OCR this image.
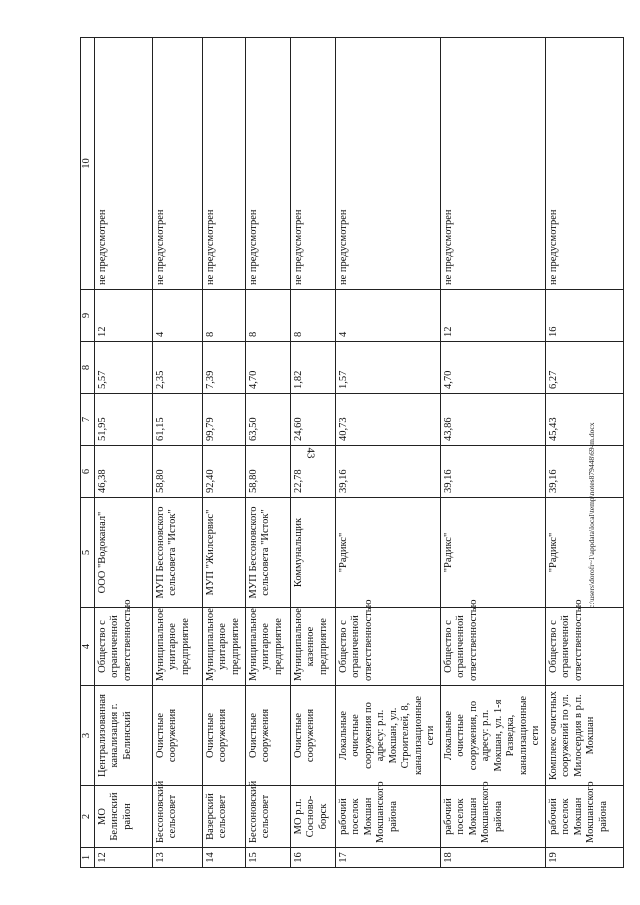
43
1	2	3	4	5	6	7	8	9	10
12	МО Белинский район	Централизованная канализация г. Белинский	Общество с ограниченной ответственностью	ООО "Водоканал"	46,38	51,95	5,57	12	не предусмотрен
13	Бессоновский сельсовет	Очистные сооружения	Муниципальное унитарное предприятие	МУП Бессоновского сельсовета "Исток"	58,80	61,15	2,35	4	не предусмотрен
14	Вазерский сельсовет	Очистные сооружения	Муниципальное унитарное предприятие	МУП "Жилсервис"	92,40	99,79	7,39	8	не предусмотрен
15	Бессоновский сельсовет	Очистные сооружения	Муниципальное унитарное предприятие	МУП Бессоновского сельсовета "Исток"	58,80	63,50	4,70	8	не предусмотрен
16	МО р.п. Сосново-борск	Очистные сооружения	Муниципальное казенное предприятие	Коммунальщик	22,78	24,60	1,82	8	не предусмотрен
17	рабочий поселок Мокшан Мокшанского района	Локальные очистные сооружения по адресу: р.п. Мокшан, ул. Строителей, 8, канализационные сети	Общество с ограниченной ответственностью	"Радикс"	39,16	40,73	1,57	4	не предусмотрен
18	рабочий поселок Мокшан Мокшанского района	Локальные очистные сооружения, по адресу: р.п. Мокшан, ул. 1-я Разведка, канализационные сети	Общество с ограниченной ответственностью	"Радикс"	39,16	43,86	4,70	12	не предусмотрен
19	рабочий поселок Мокшан Мокшанского района	Комплекс очистных сооружений по ул. Милосердия в р.п. Мокшан	Общество с ограниченной ответственностью	"Радикс"	39,16	45,43	6,27	16	не предусмотрен
c:\users\dorofr~1\appdata\local\temp\notes879448\69-m.docx
